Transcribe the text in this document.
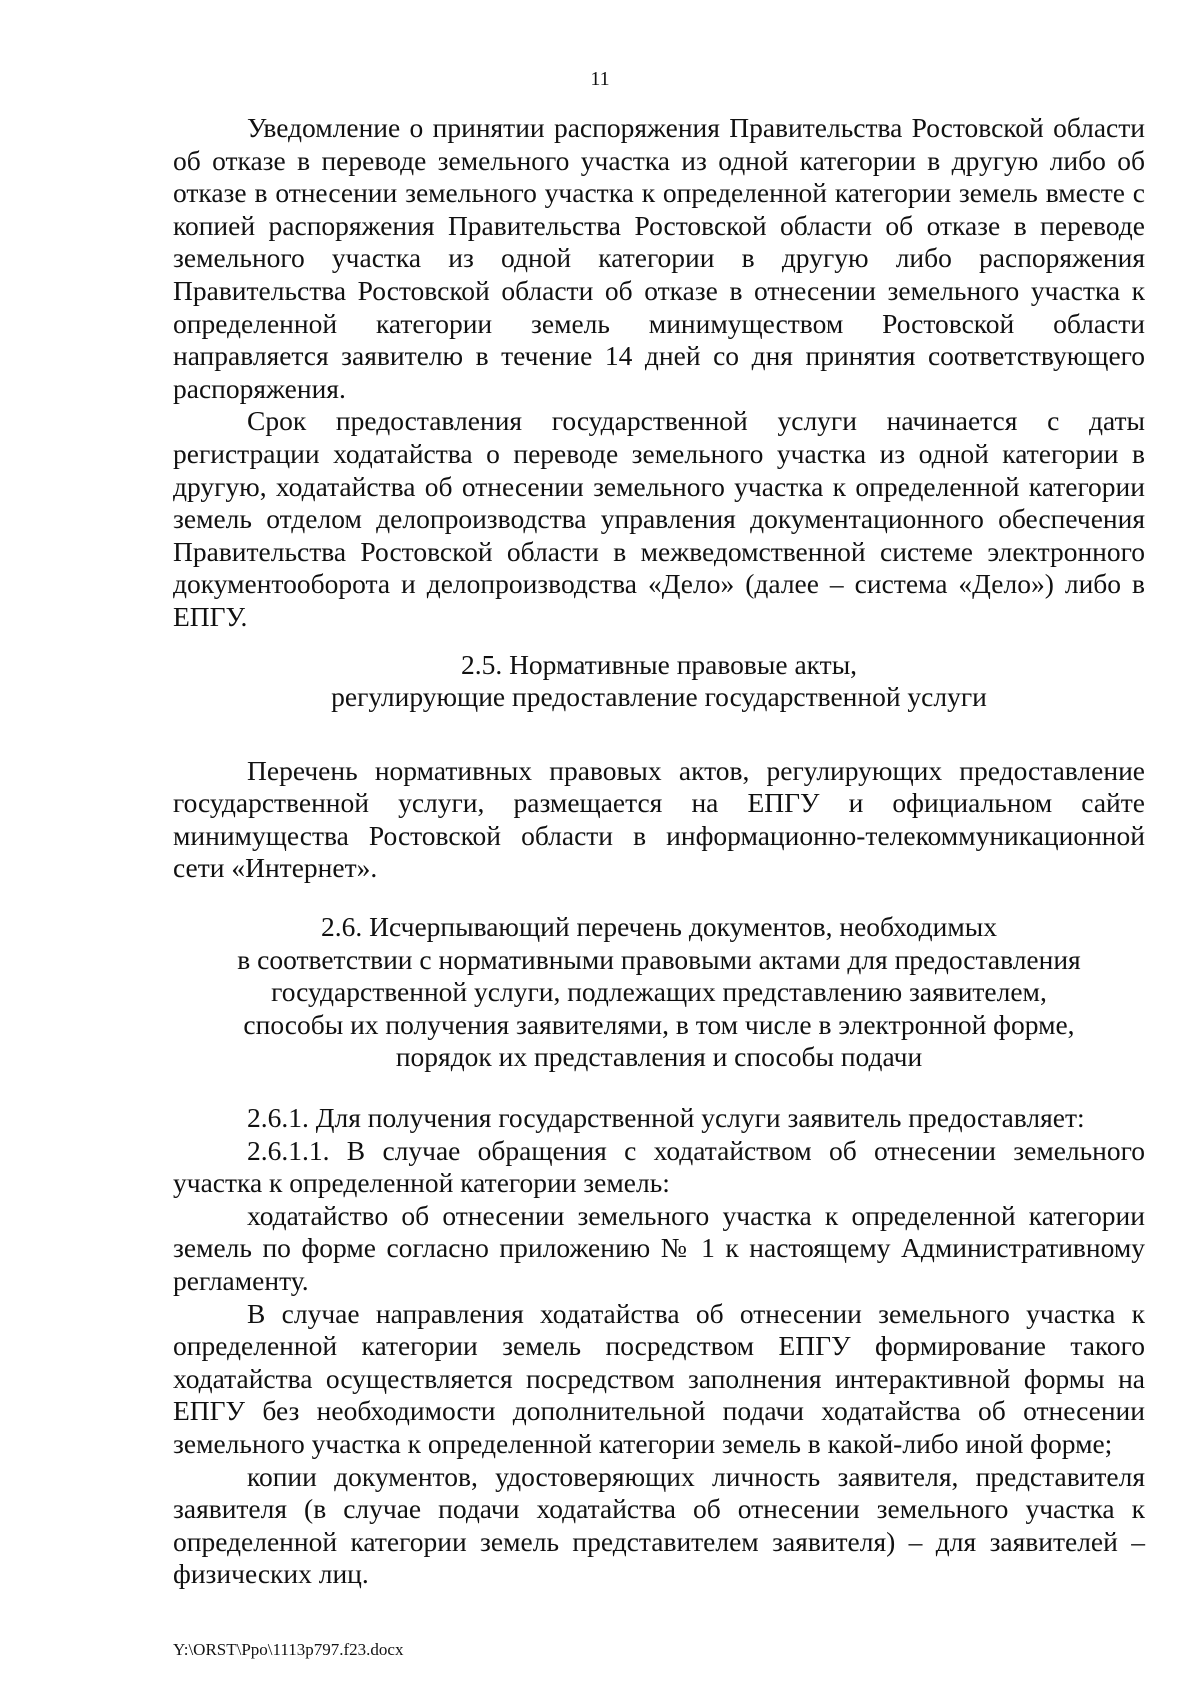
11

Уведомление о принятии распоряжения Правительства Ростовской области об отказе в переводе земельного участка из одной категории в другую либо об отказе в отнесении земельного участка к определенной категории земель вместе с копией распоряжения Правительства Ростовской области об отказе в переводе земельного участка из одной категории в другую либо распоряжения Правительства Ростовской области об отказе в отнесении земельного участка к определенной категории земель минимуществом Ростовской области направляется заявителю в течение 14 дней со дня принятия соответствующего распоряжения.

Срок предоставления государственной услуги начинается с даты регистрации ходатайства о переводе земельного участка из одной категории в другую, ходатайства об отнесении земельного участка к определенной категории земель отделом делопроизводства управления документационного обеспечения Правительства Ростовской области в межведомственной системе электронного документооборота и делопроизводства «Дело» (далее – система «Дело») либо в ЕПГУ.

2.5. Нормативные правовые акты,
регулирующие предоставление государственной услуги

Перечень нормативных правовых актов, регулирующих предоставление государственной услуги, размещается на ЕПГУ и официальном сайте минимущества Ростовской области в информационно-телекоммуникационной сети «Интернет».

2.6. Исчерпывающий перечень документов, необходимых
в соответствии с нормативными правовыми актами для предоставления
государственной услуги, подлежащих представлению заявителем,
способы их получения заявителями, в том числе в электронной форме,
порядок их представления и способы подачи

2.6.1. Для получения государственной услуги заявитель предоставляет:

2.6.1.1. В случае обращения с ходатайством об отнесении земельного участка к определенной категории земель:

ходатайство об отнесении земельного участка к определенной категории земель по форме согласно приложению № 1 к настоящему Административному регламенту.

В случае направления ходатайства об отнесении земельного участка к определенной категории земель посредством ЕПГУ формирование такого ходатайства осуществляется посредством заполнения интерактивной формы на ЕПГУ без необходимости дополнительной подачи ходатайства об отнесении земельного участка к определенной категории земель в какой-либо иной форме;

копии документов, удостоверяющих личность заявителя, представителя заявителя (в случае подачи ходатайства об отнесении земельного участка к определенной категории земель представителем заявителя) – для заявителей – физических лиц.

Y:\ORST\Ppo\1113p797.f23.docx
